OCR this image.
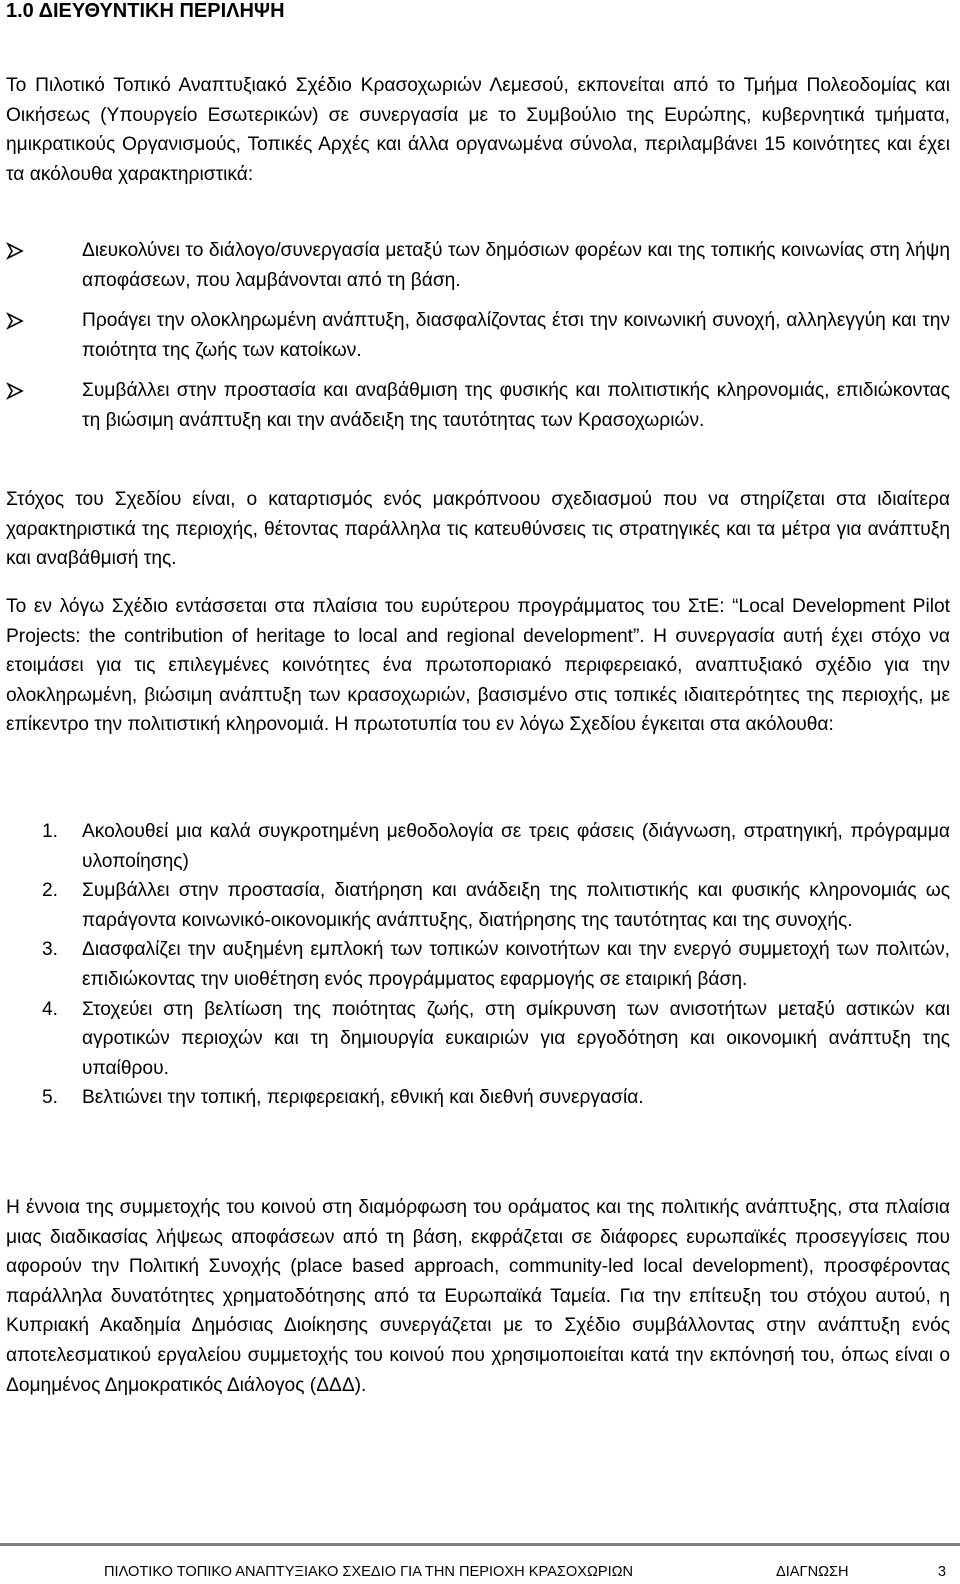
1.0 ΔΙΕΥΘΥΝΤΙΚΗ ΠΕΡΙΛΗΨΗ

Το Πιλοτικό Τοπικό Αναπτυξιακό Σχέδιο Κρασοχωριών Λεμεσού, εκπονείται από το Τμήμα Πολεοδομίας και Οικήσεως (Υπουργείο Εσωτερικών) σε συνεργασία με το Συμβούλιο της Ευρώπης, κυβερνητικά τμήματα, ημικρατικούς Οργανισμούς, Τοπικές Αρχές και άλλα οργανωμένα σύνολα, περιλαμβάνει 15 κοινότητες και έχει τα ακόλουθα χαρακτηριστικά:

Διευκολύνει το διάλογο/συνεργασία μεταξύ των δημόσιων φορέων και της τοπικής κοινωνίας στη λήψη αποφάσεων, που λαμβάνονται από τη βάση.
Προάγει την ολοκληρωμένη ανάπτυξη, διασφαλίζοντας έτσι την κοινωνική συνοχή, αλληλεγγύη και την ποιότητα της ζωής των κατοίκων.
Συμβάλλει στην προστασία και αναβάθμιση της φυσικής και πολιτιστικής κληρονομιάς, επιδιώκοντας τη βιώσιμη ανάπτυξη και την ανάδειξη της ταυτότητας των Κρασοχωριών.

Στόχος του Σχεδίου είναι, ο καταρτισμός ενός μακρόπνοου σχεδιασμού που να στηρίζεται στα ιδιαίτερα χαρακτηριστικά της περιοχής, θέτοντας παράλληλα τις κατευθύνσεις τις στρατηγικές και τα μέτρα για ανάπτυξη και αναβάθμισή της.

Το εν λόγω Σχέδιο εντάσσεται στα πλαίσια του ευρύτερου προγράμματος του ΣτΕ: “Local Development Pilot Projects: the contribution of heritage to local and regional development”. Η συνεργασία αυτή έχει στόχο να ετοιμάσει για τις επιλεγμένες κοινότητες ένα πρωτοποριακό περιφερειακό, αναπτυξιακό σχέδιο για την ολοκληρωμένη, βιώσιμη ανάπτυξη των κρασοχωριών, βασισμένο στις τοπικές ιδιαιτερότητες της περιοχής, με επίκεντρο την πολιτιστική κληρονομιά. Η πρωτοτυπία του εν λόγω Σχεδίου έγκειται στα ακόλουθα:

1. Ακολουθεί μια καλά συγκροτημένη μεθοδολογία σε τρεις φάσεις (διάγνωση, στρατηγική, πρόγραμμα υλοποίησης)
2. Συμβάλλει στην προστασία, διατήρηση και ανάδειξη της πολιτιστικής και φυσικής κληρονομιάς ως παράγοντα κοινωνικό-οικονομικής ανάπτυξης, διατήρησης της ταυτότητας και της συνοχής.
3. Διασφαλίζει την αυξημένη εμπλοκή των τοπικών κοινοτήτων και την ενεργό συμμετοχή των πολιτών, επιδιώκοντας την υιοθέτηση ενός προγράμματος εφαρμογής σε εταιρική βάση.
4. Στοχεύει στη βελτίωση της ποιότητας ζωής, στη σμίκρυνση των ανισοτήτων μεταξύ αστικών και αγροτικών περιοχών και τη δημιουργία ευκαιριών για εργοδότηση και οικονομική ανάπτυξη της υπαίθρου.
5. Βελτιώνει την τοπική, περιφερειακή, εθνική και διεθνή συνεργασία.

Η έννοια της συμμετοχής του κοινού στη διαμόρφωση του οράματος και της πολιτικής ανάπτυξης, στα πλαίσια μιας διαδικασίας λήψεως αποφάσεων από τη βάση, εκφράζεται σε διάφορες ευρωπαϊκές προσεγγίσεις που αφορούν την Πολιτική Συνοχής (place based approach, community-led local development), προσφέροντας παράλληλα δυνατότητες χρηματοδότησης από τα Ευρωπαϊκά Ταμεία. Για την επίτευξη του στόχου αυτού, η Κυπριακή Ακαδημία Δημόσιας Διοίκησης συνεργάζεται με το Σχέδιο συμβάλλοντας στην ανάπτυξη ενός αποτελεσματικού εργαλείου συμμετοχής του κοινού που χρησιμοποιείται κατά την εκπόνησή του, όπως είναι ο Δομημένος Δημοκρατικός Διάλογος (ΔΔΔ).

ΠΙΛΟΤΙΚΟ ΤΟΠΙΚΟ ΑΝΑΠΤΥΞΙΑΚΟ ΣΧΕΔΙΟ ΓΙΑ ΤΗΝ ΠΕΡΙΟΧΗ ΚΡΑΣΟΧΩΡΙΩΝ	ΔΙΑΓΝΩΣΗ	3
